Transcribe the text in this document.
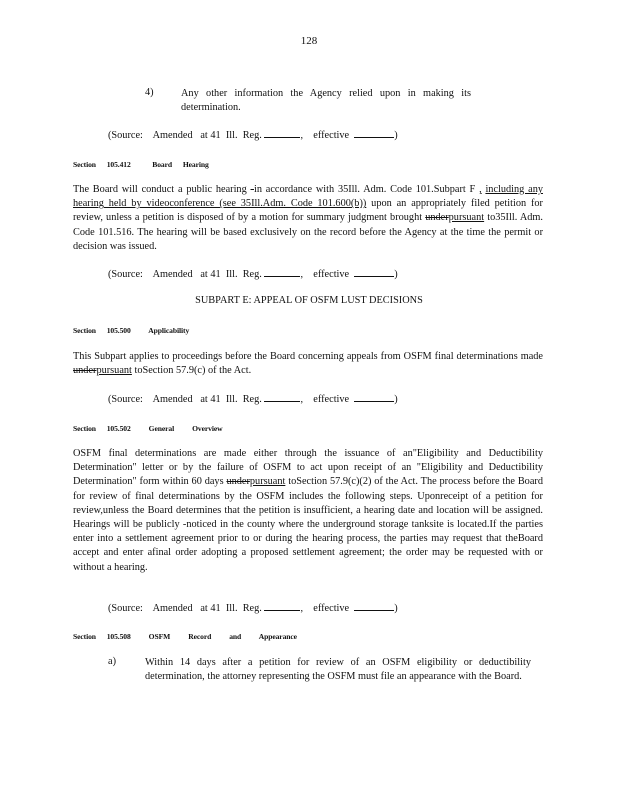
128
4)	Any other information the Agency relied upon in making its
determination.
(Source:    Amended   at 41  Ill.  Reg.	,    effective	)
Section      105.412            Board      Hearing
The Board will conduct a public hearing -in accordance with 35Ill. Adm. Code 101.Subpart F , including any hearing held by videoconference (see 35Ill.Adm. Code 101.600(b)) upon an appropriately filed petition for review, unless a petition is disposed of by a motion for summary judgment brought underpursuant to35Ill. Adm. Code 101.516. The hearing will be based exclusively on the record before the Agency at the time the permit or decision was issued.
(Source:    Amended   at 41  Ill.  Reg.	,    effective	)
SUBPART E: APPEAL OF OSFM LUST DECISIONS
Section      105.500          Applicability
This Subpart applies to proceedings before the Board concerning appeals from OSFM final determinations made underpursuant toSection 57.9(c) of the Act.
(Source:    Amended   at 41  Ill.  Reg.	,    effective	)
Section      105.502          General          Overview
OSFM final determinations are made either through the issuance of an"Eligibility and Deductibility Determination" letter or by the failure of OSFM to act upon receipt of an "Eligibility and Deductibility Determination" form within 60 days underpursuant toSection 57.9(c)(2) of the Act. The process before the Board for review of final determinations by the OSFM includes the following steps. Uponreceipt of a petition for review,unless the Board determines that the petition is insufficient, a hearing date and location will be assigned. Hearings will be publicly -noticed in the county where the underground storage tanksite is located.If the parties enter into a settlement agreement prior to or during the hearing process, the parties may request that theBoard accept and enter afinal order adopting a proposed settlement agreement; the order may be requested with or without a hearing.
(Source:    Amended   at 41  Ill.  Reg.	,    effective	)
Section      105.508          OSFM          Record          and          Appearance
a)	Within 14 days after a petition for review of an OSFM eligibility or deductibility determination, the attorney representing the OSFM must file an appearance with the Board.
